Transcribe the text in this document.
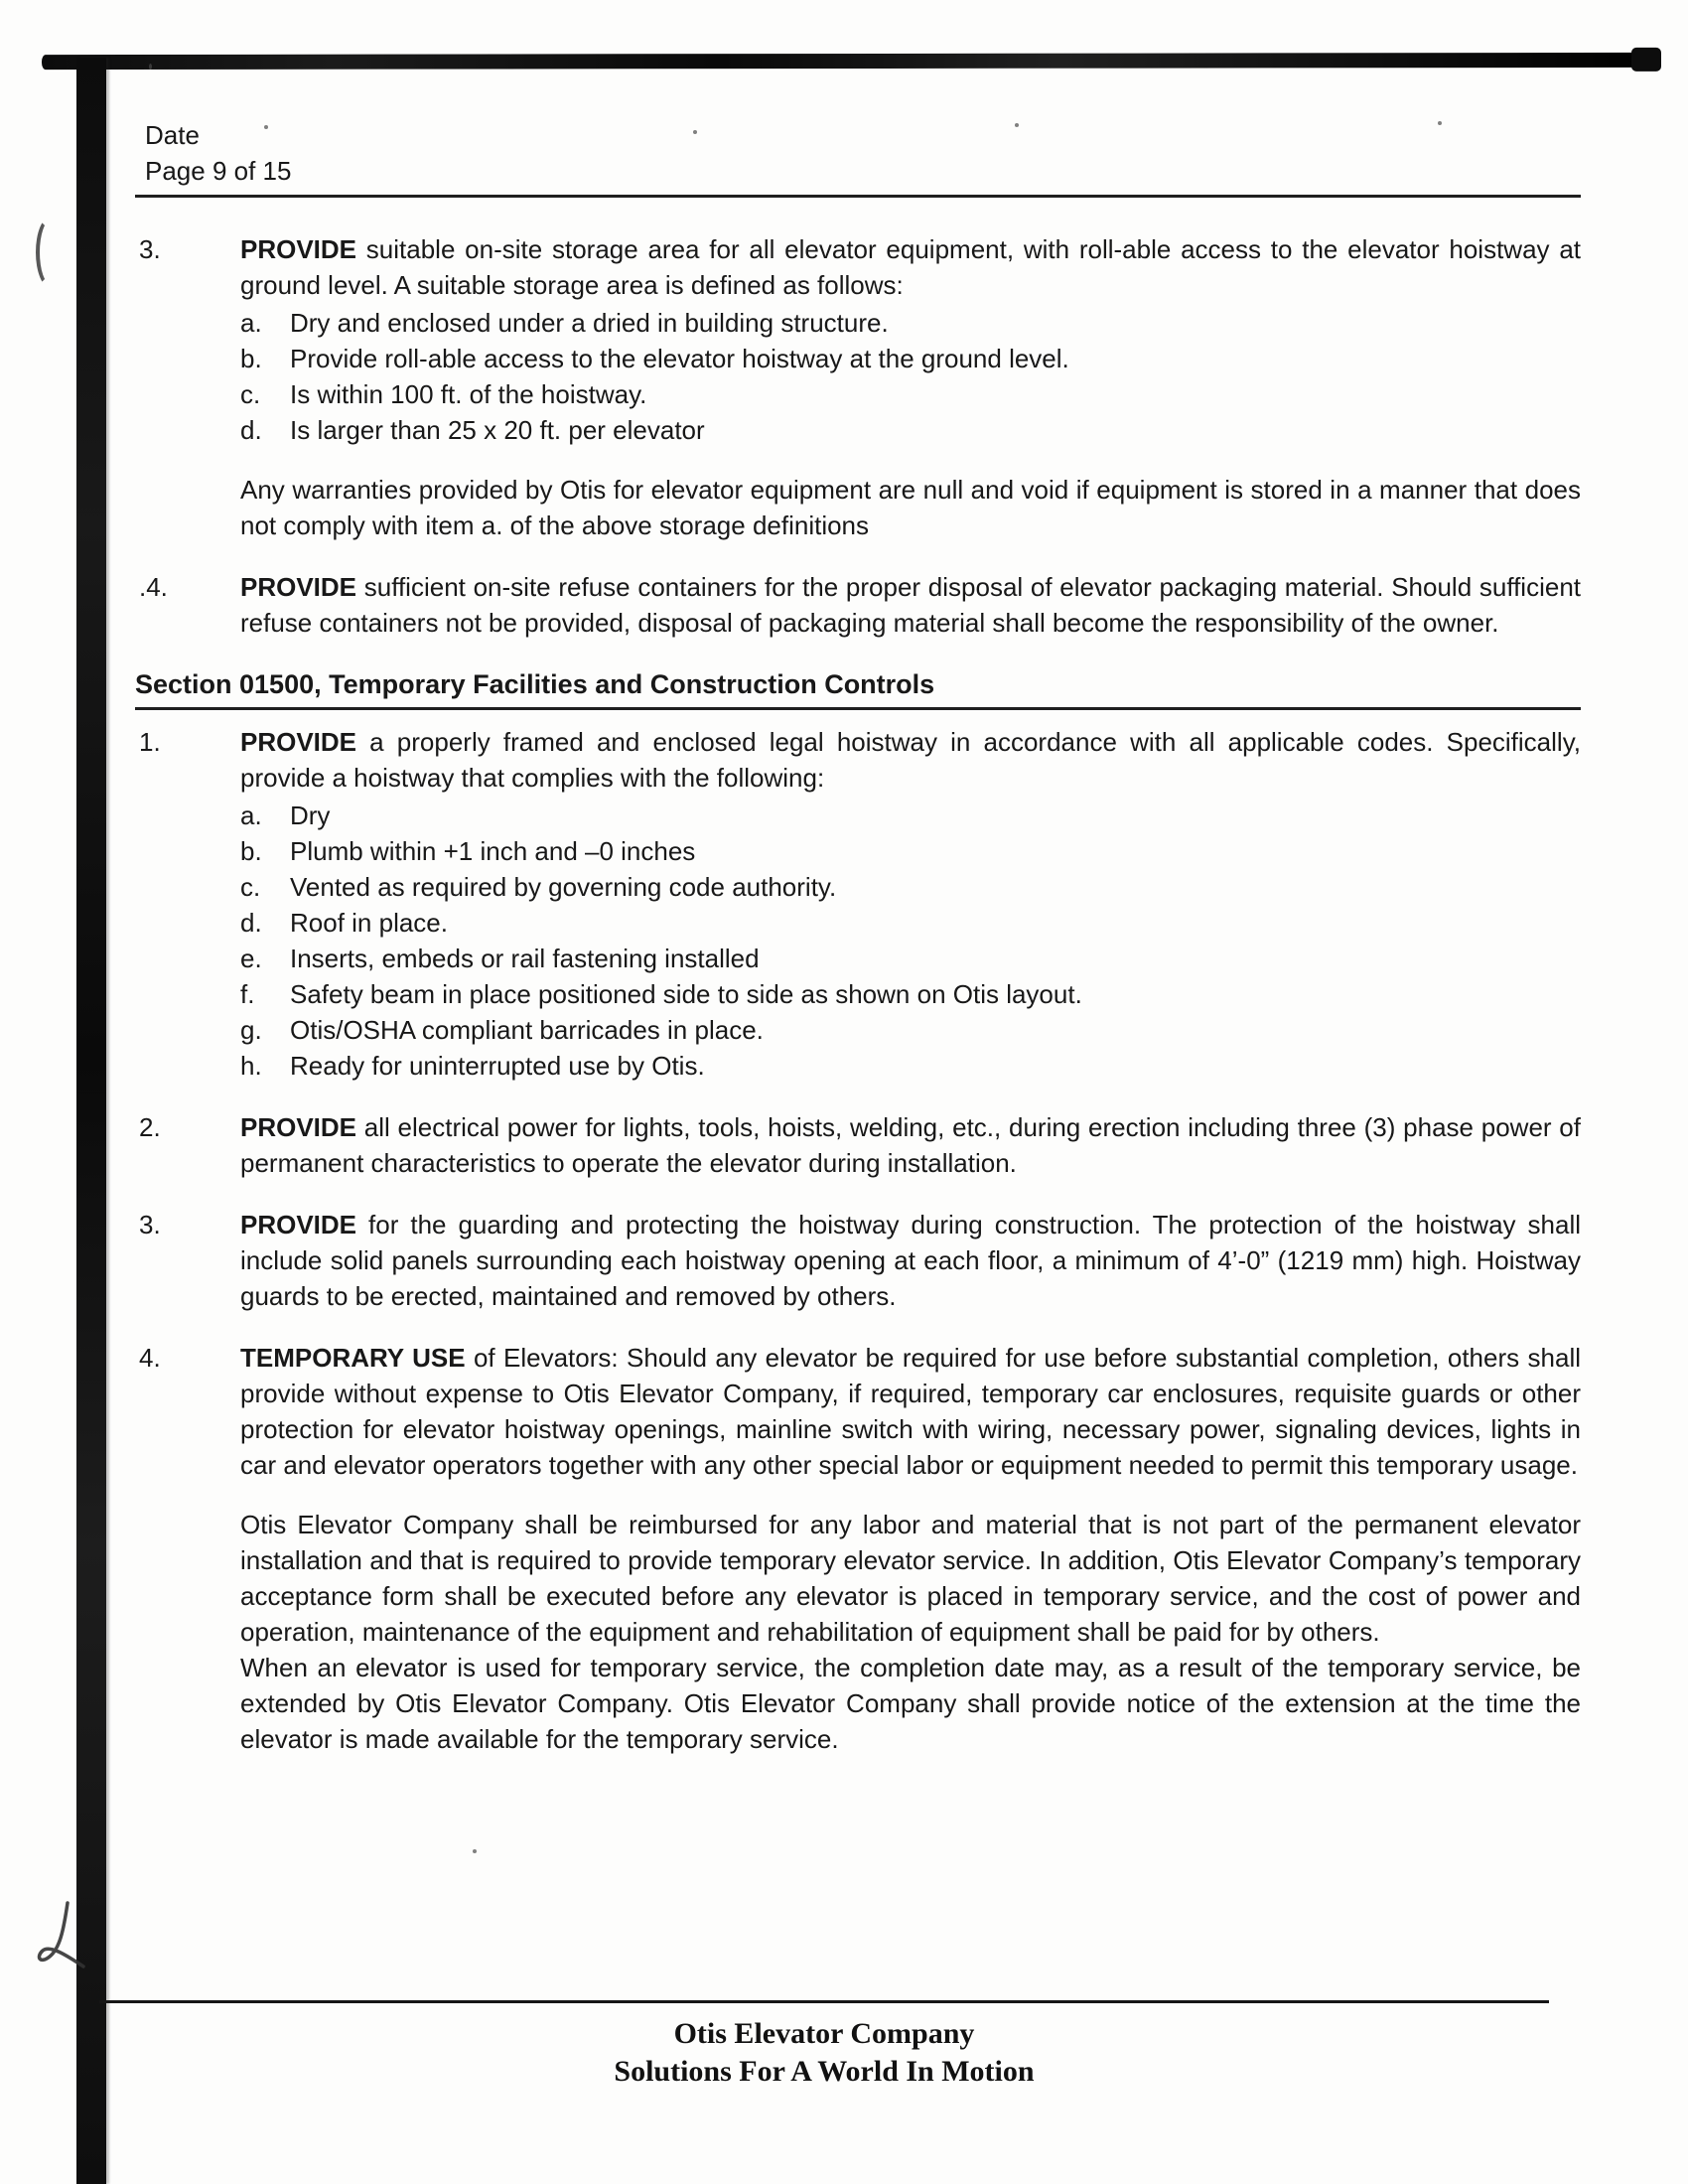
Date
Page 9 of 15
3.	PROVIDE suitable on-site storage area for all elevator equipment, with roll-able access to the elevator hoistway at ground level. A suitable storage area is defined as follows:

a.	Dry and enclosed under a dried in building structure.
b.	Provide roll-able access to the elevator hoistway at the ground level.
c.	Is within 100 ft. of the hoistway.
d.	Is larger than 25 x 20 ft. per elevator

Any warranties provided by Otis for elevator equipment are null and void if equipment is stored in a manner that does not comply with item a. of the above storage definitions

.4.	PROVIDE sufficient on-site refuse containers for the proper disposal of elevator packaging material. Should sufficient refuse containers not be provided, disposal of packaging material shall become the responsibility of the owner.

Section 01500, Temporary Facilities and Construction Controls
1.	PROVIDE a properly framed and enclosed legal hoistway in accordance with all applicable codes. Specifically, provide a hoistway that complies with the following:

a.	Dry
b.	Plumb within +1 inch and –0 inches
c.	Vented as required by governing code authority.
d.	Roof in place.
e.	Inserts, embeds or rail fastening installed
f.	Safety beam in place positioned side to side as shown on Otis layout.
g.	Otis/OSHA compliant barricades in place.
h.	Ready for uninterrupted use by Otis.
2.	PROVIDE all electrical power for lights, tools, hoists, welding, etc., during erection including three (3) phase power of permanent characteristics to operate the elevator during installation.

3.	PROVIDE for the guarding and protecting the hoistway during construction. The protection of the hoistway shall include solid panels surrounding each hoistway opening at each floor, a minimum of 4’-0” (1219 mm) high. Hoistway guards to be erected, maintained and removed by others.

4.	TEMPORARY USE of Elevators: Should any elevator be required for use before substantial completion, others shall provide without expense to Otis Elevator Company, if required, temporary car enclosures, requisite guards or other protection for elevator hoistway openings, mainline switch with wiring, necessary power, signaling devices, lights in car and elevator operators together with any other special labor or equipment needed to permit this temporary usage.

Otis Elevator Company shall be reimbursed for any labor and material that is not part of the permanent elevator installation and that is required to provide temporary elevator service. In addition, Otis Elevator Company’s temporary acceptance form shall be executed before any elevator is placed in temporary service, and the cost of power and operation, maintenance of the equipment and rehabilitation of equipment shall be paid for by others.

When an elevator is used for temporary service, the completion date may, as a result of the temporary service, be extended by Otis Elevator Company. Otis Elevator Company shall provide notice of the extension at the time the elevator is made available for the temporary service.

Otis Elevator Company
Solutions For A World In Motion
